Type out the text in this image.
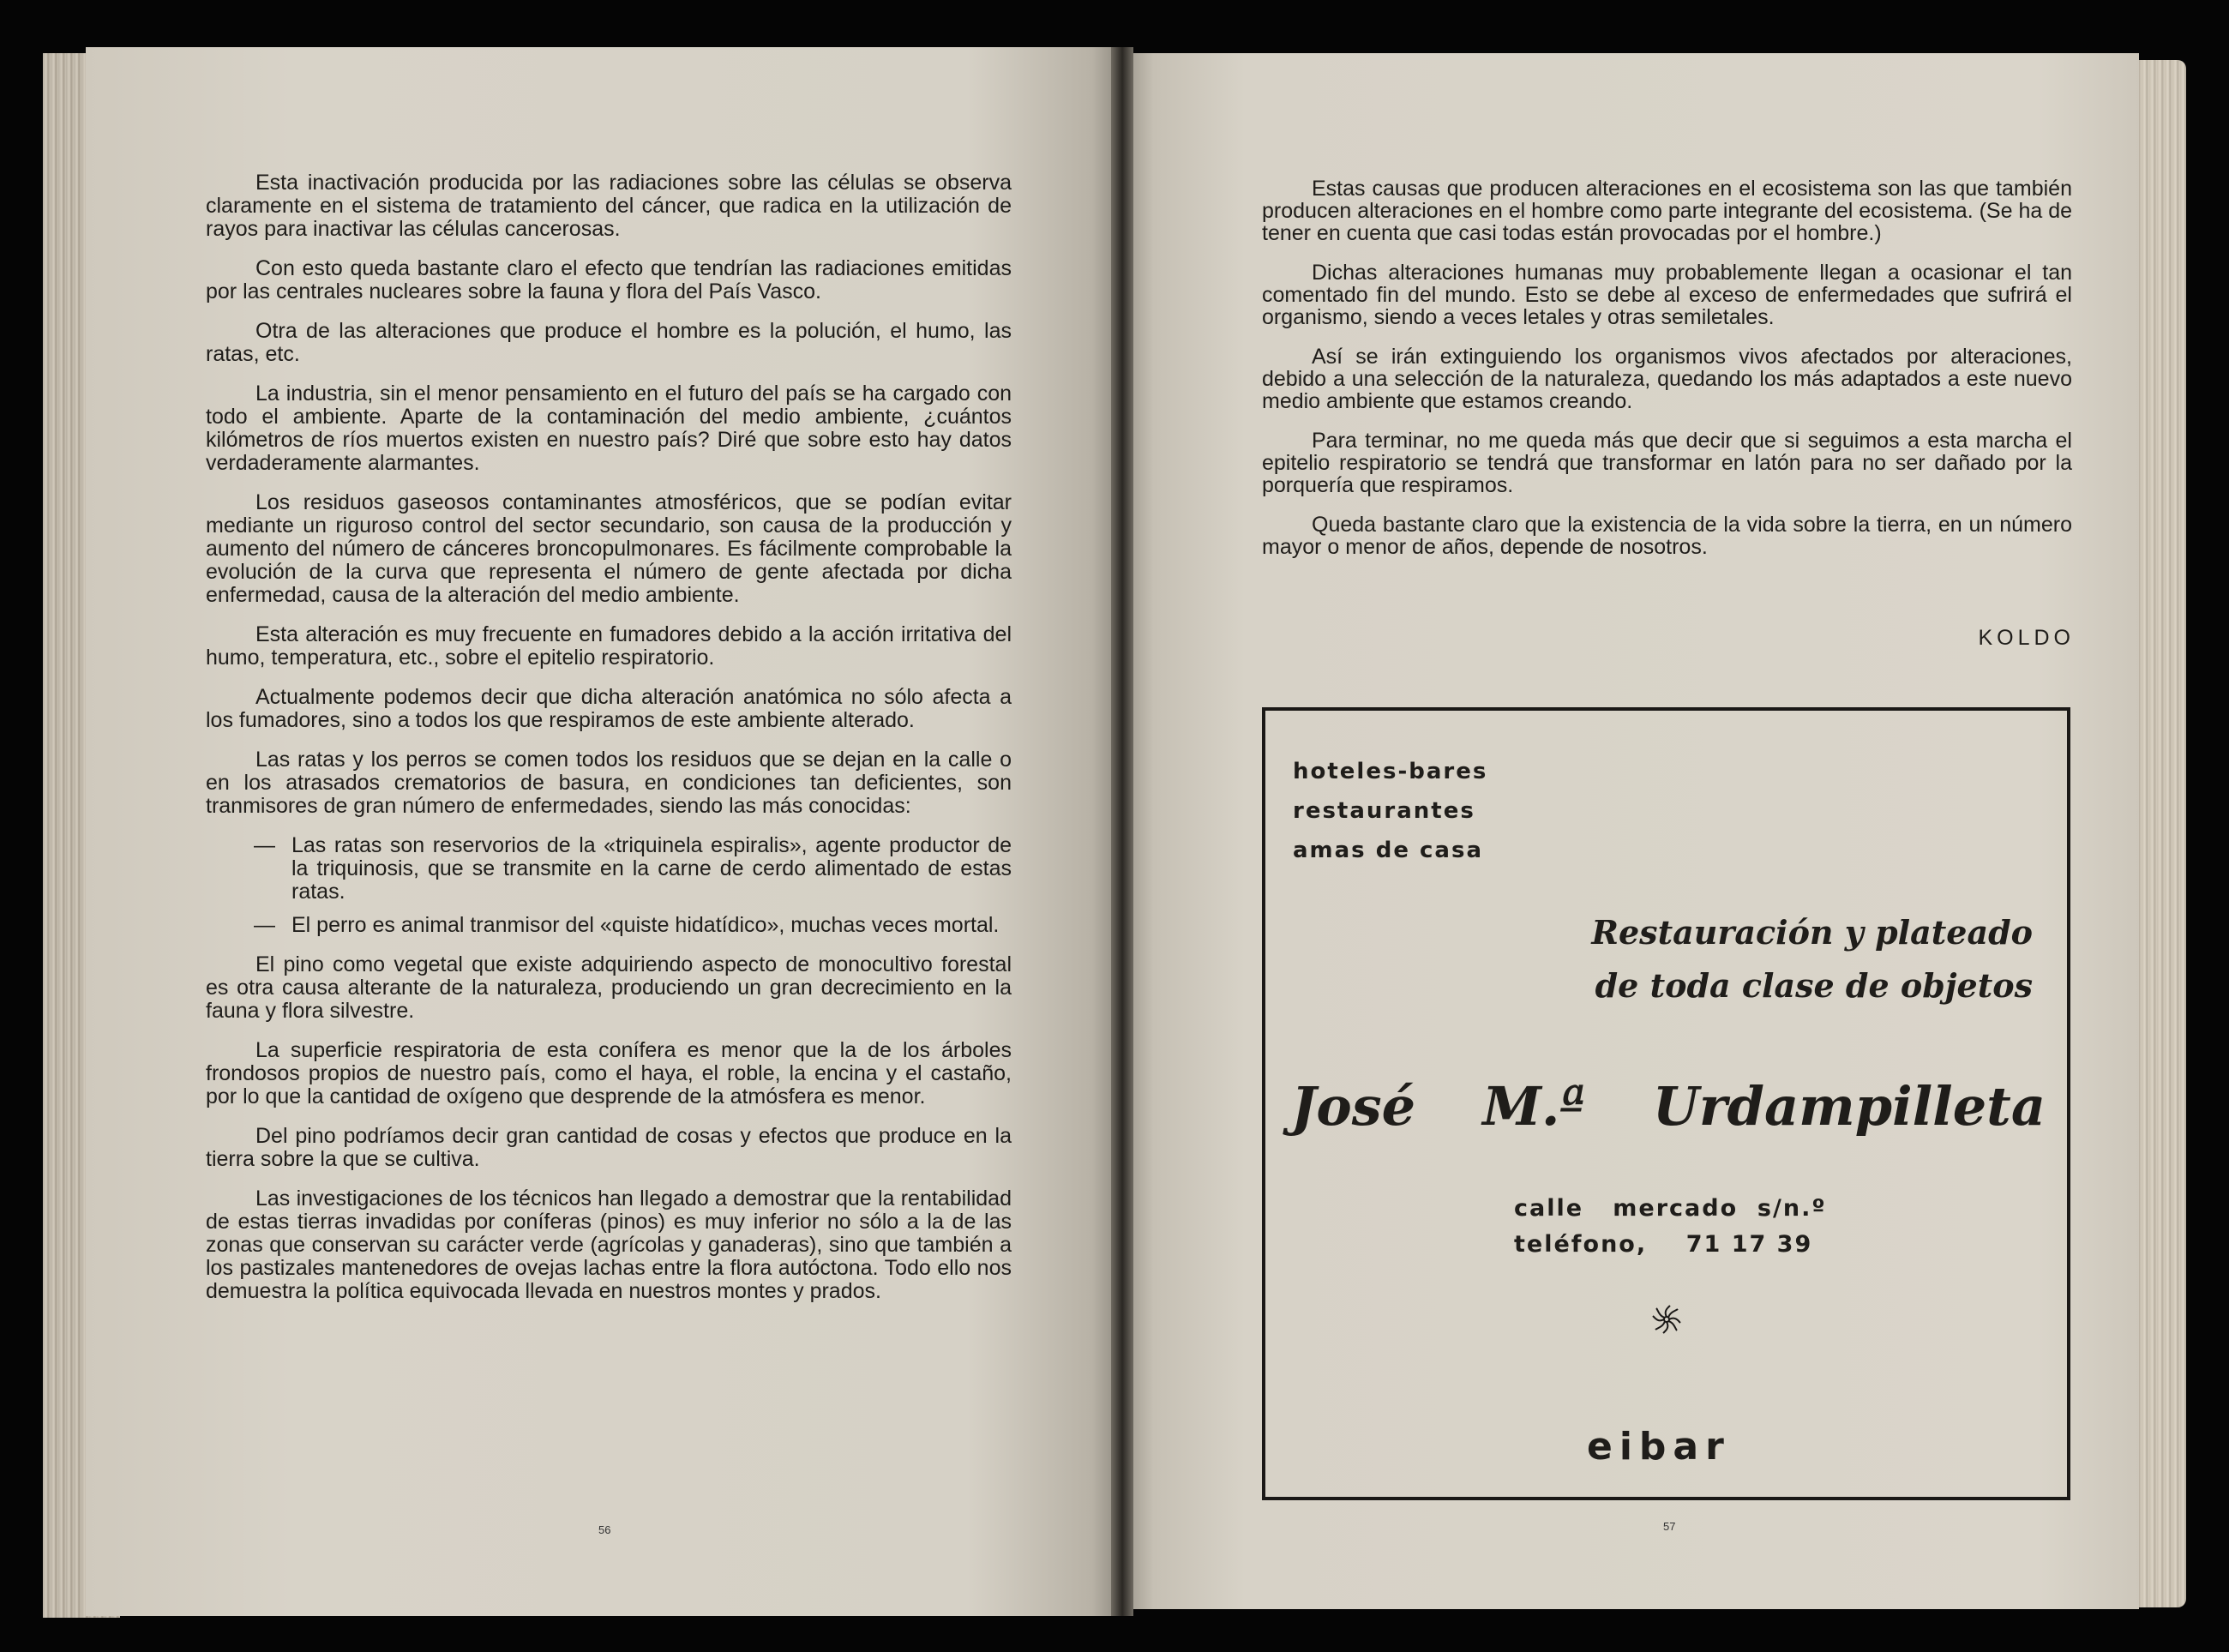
Esta inactivación producida por las radiaciones sobre las células se observa claramente en el sistema de tratamiento del cáncer, que radica en la utilización de rayos para inactivar las células cancerosas.

Con esto queda bastante claro el efecto que tendrían las radiaciones emitidas por las centrales nucleares sobre la fauna y flora del País Vasco.

Otra de las alteraciones que produce el hombre es la polución, el humo, las ratas, etc.

La industria, sin el menor pensamiento en el futuro del país se ha cargado con todo el ambiente. Aparte de la contaminación del medio ambiente, ¿cuántos kilómetros de ríos muertos existen en nuestro país? Diré que sobre esto hay datos verdaderamente alarmantes.

Los residuos gaseosos contaminantes atmosféricos, que se podían evitar mediante un riguroso control del sector secundario, son causa de la producción y aumento del número de cánceres broncopulmonares. Es fácilmente comprobable la evolución de la curva que representa el número de gente afectada por dicha enfermedad, causa de la alteración del medio ambiente.

Esta alteración es muy frecuente en fumadores debido a la acción irritativa del humo, temperatura, etc., sobre el epitelio respiratorio.

Actualmente podemos decir que dicha alteración anatómica no sólo afecta a los fumadores, sino a todos los que respiramos de este ambiente alterado.

Las ratas y los perros se comen todos los residuos que se dejan en la calle o en los atrasados crematorios de basura, en condiciones tan deficientes, son tranmisores de gran número de enfermedades, siendo las más conocidas:

— Las ratas son reservorios de la «triquinela espiralis», agente productor de la triquinosis, que se transmite en la carne de cerdo alimentado de estas ratas.
— El perro es animal tranmisor del «quiste hidatídico», muchas veces mortal.

El pino como vegetal que existe adquiriendo aspecto de monocultivo forestal es otra causa alterante de la naturaleza, produciendo un gran decrecimiento en la fauna y flora silvestre.

La superficie respiratoria de esta conífera es menor que la de los árboles frondosos propios de nuestro país, como el haya, el roble, la encina y el castaño, por lo que la cantidad de oxígeno que desprende de la atmósfera es menor.

Del pino podríamos decir gran cantidad de cosas y efectos que produce en la tierra sobre la que se cultiva.

Las investigaciones de los técnicos han llegado a demostrar que la rentabilidad de estas tierras invadidas por coníferas (pinos) es muy inferior no sólo a la de las zonas que conservan su carácter verde (agrícolas y ganaderas), sino que también a los pastizales mantenedores de ovejas lachas entre la flora autóctona. Todo ello nos demuestra la política equivocada llevada en nuestros montes y prados.

56

Estas causas que producen alteraciones en el ecosistema son las que también producen alteraciones en el hombre como parte integrante del ecosistema. (Se ha de tener en cuenta que casi todas están provocadas por el hombre.)

Dichas alteraciones humanas muy probablemente llegan a ocasionar el tan comentado fin del mundo. Esto se debe al exceso de enfermedades que sufrirá el organismo, siendo a veces letales y otras semiletales.

Así se irán extinguiendo los organismos vivos afectados por alteraciones, debido a una selección de la naturaleza, quedando los más adaptados a este nuevo medio ambiente que estamos creando.

Para terminar, no me queda más que decir que si seguimos a esta marcha el epitelio respiratorio se tendrá que transformar en latón para no ser dañado por la porquería que respiramos.

Queda bastante claro que la existencia de la vida sobre la tierra, en un número mayor o menor de años, depende de nosotros.

KOLDO
hoteles-bares
restaurantes
amas de casa
Restauración y plateado
de toda clase de objetos
José M.ª Urdampilleta
calle mercado  s/n.º
teléfono, 71 17 39
eibar
57
